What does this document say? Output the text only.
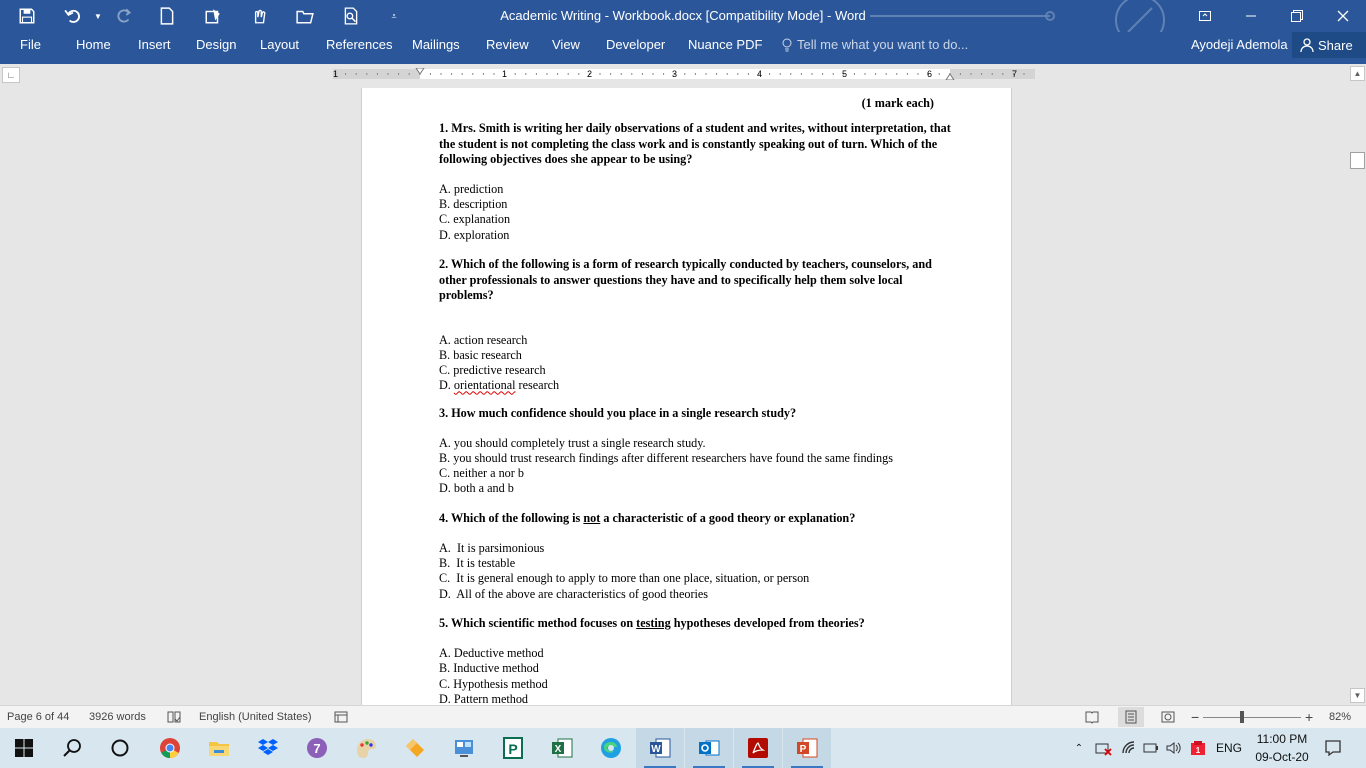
▼	⩡	Academic Writing - Workbook.docx [Compatibility Mode] - Word
File	Home Insert Design Layout References Mailings Review View Developer Nuance PDF	Tell me what you want to do...	Ayodeji Ademola Share
∟	1	1	2	3	4	5	6	7
(1 mark each)
1. Mrs. Smith is writing her daily observations of a student and writes, without interpretation, that the student is not completing the class work and is constantly speaking out of turn. Which of the following objectives does she appear to be using?
A. prediction
B. description
C. explanation
D. exploration
2. Which of the following is a form of research typically conducted by teachers, counselors, and other professionals to answer questions they have and to specifically help them solve local problems?
A. action research
B. basic research
C. predictive research
D. orientational research
3. How much confidence should you place in a single research study?
A. you should completely trust a single research study.
B. you should trust research findings after different researchers have found the same findings
C. neither a nor b
D. both a and b
4. Which of the following is not a characteristic of a good theory or explanation?
A.  It is parsimonious
B.  It is testable
C.  It is general enough to apply to more than one place, situation, or person
D.  All of the above are characteristics of good theories
5. Which scientific method focuses on testing hypotheses developed from theories?
A. Deductive method
B. Inductive method
C. Hypothesis method
D. Pattern method
▲
▼
Page 6 of 44 3926 words	English (United States)	−	+ 82%
7	P	X	W	P	⌃	1	ENG
11:00 PM
09-Oct-20
